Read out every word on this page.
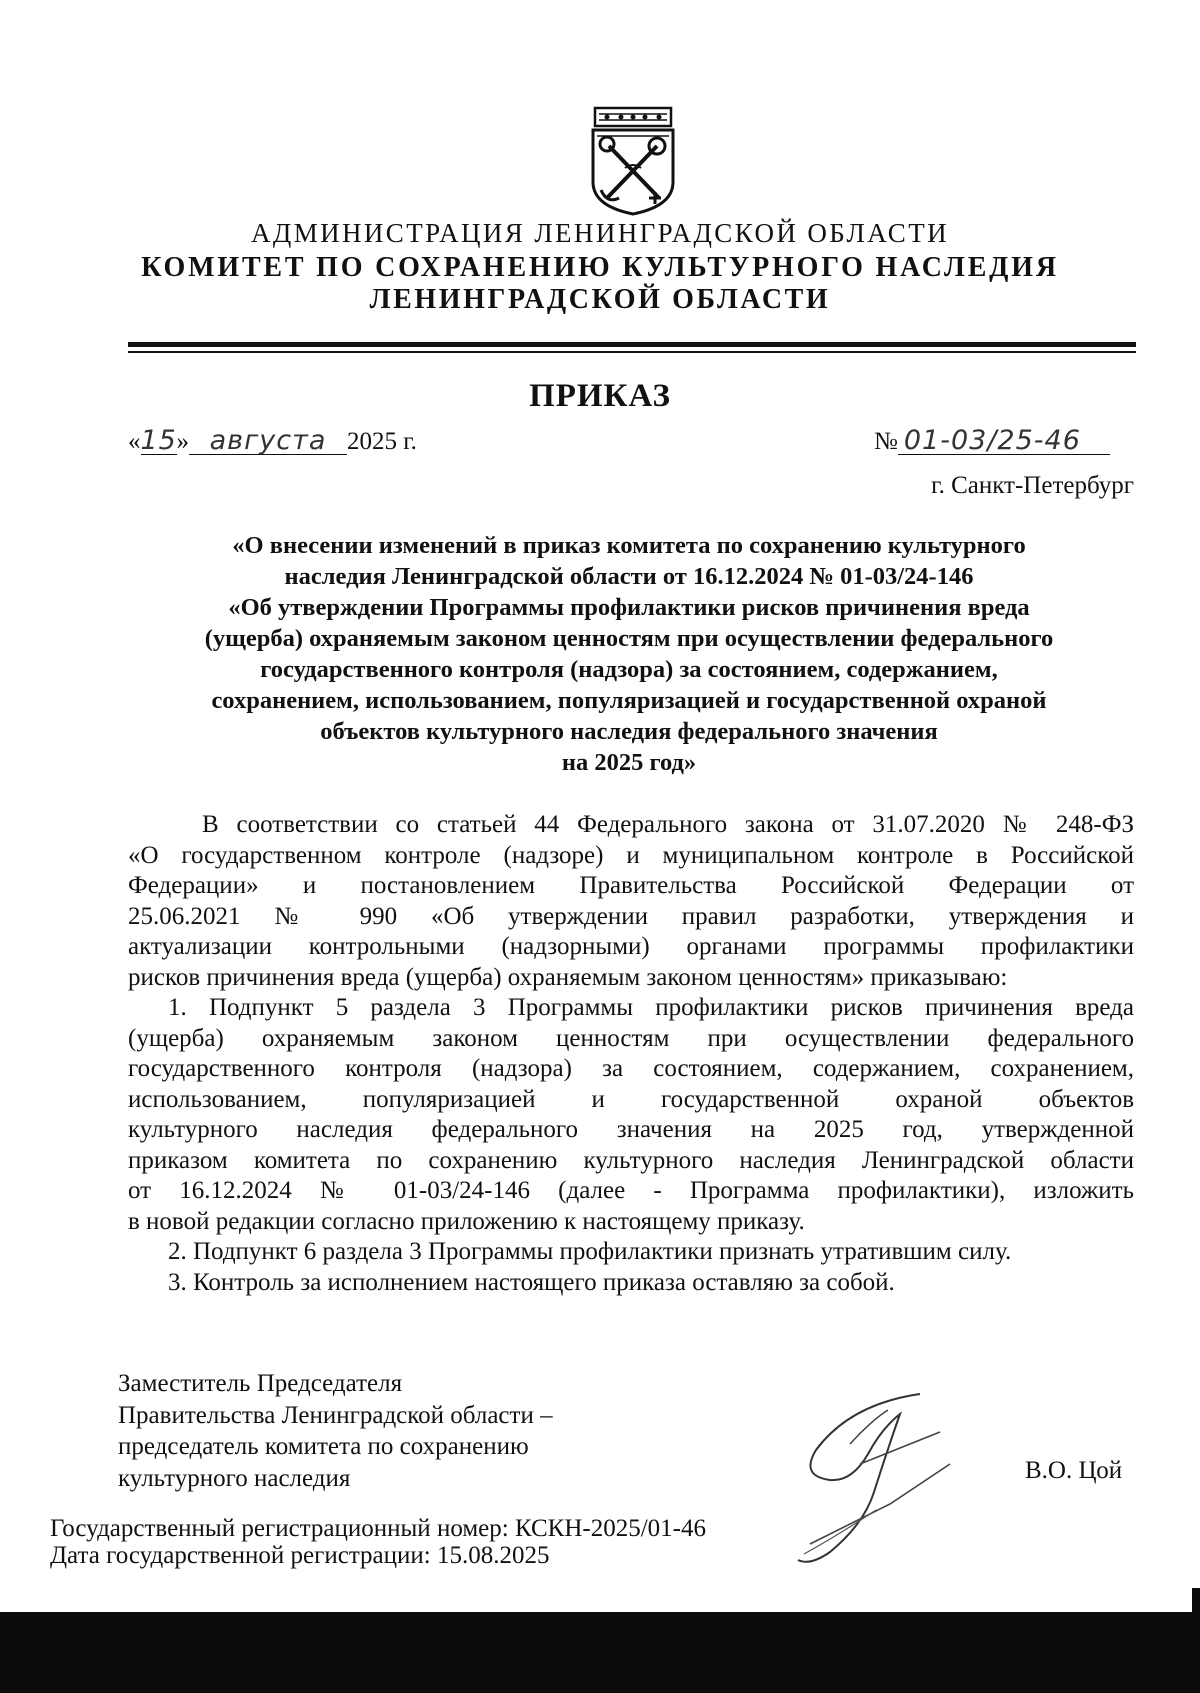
АДМИНИСТРАЦИЯ ЛЕНИНГРАДСКОЙ ОБЛАСТИ
КОМИТЕТ ПО СОХРАНЕНИЮ КУЛЬТУРНОГО НАСЛЕДИЯ
ЛЕНИНГРАДСКОЙ ОБЛАСТИ
ПРИКАЗ
«15» августа 2025 г.	№ 01-03/25-46
г. Санкт-Петербург
«О внесении изменений в приказ комитета по сохранению культурного
наследия Ленинградской области от 16.12.2024 № 01-03/24-146
«Об утверждении Программы профилактики рисков причинения вреда
(ущерба) охраняемым законом ценностям при осуществлении федерального
государственного контроля (надзора) за состоянием, содержанием,
сохранением, использованием, популяризацией и государственной охраной
объектов культурного наследия федерального значения
на 2025 год»
В соответствии со статьей 44 Федерального закона от 31.07.2020 № 248-ФЗ
«О государственном контроле (надзоре) и муниципальном контроле в Российской
Федерации» и постановлением Правительства Российской Федерации от
25.06.2021 № 990 «Об утверждении правил разработки, утверждения и
актуализации контрольными (надзорными) органами программы профилактики
рисков причинения вреда (ущерба) охраняемым законом ценностям» приказываю:
1. Подпункт 5 раздела 3 Программы профилактики рисков причинения вреда
(ущерба) охраняемым законом ценностям при осуществлении федерального
государственного контроля (надзора) за состоянием, содержанием, сохранением,
использованием, популяризацией и государственной охраной объектов
культурного наследия федерального значения на 2025 год, утвержденной
приказом комитета по сохранению культурного наследия Ленинградской области
от 16.12.2024 № 01-03/24-146 (далее - Программа профилактики), изложить
в новой редакции согласно приложению к настоящему приказу.
2. Подпункт 6 раздела 3 Программы профилактики признать утратившим силу.
3. Контроль за исполнением настоящего приказа оставляю за собой.
Заместитель Председателя
Правительства Ленинградской области –
председатель комитета по сохранению
культурного наследия	В.О. Цой
Государственный регистрационный номер: КСКН-2025/01-46
Дата государственной регистрации: 15.08.2025
